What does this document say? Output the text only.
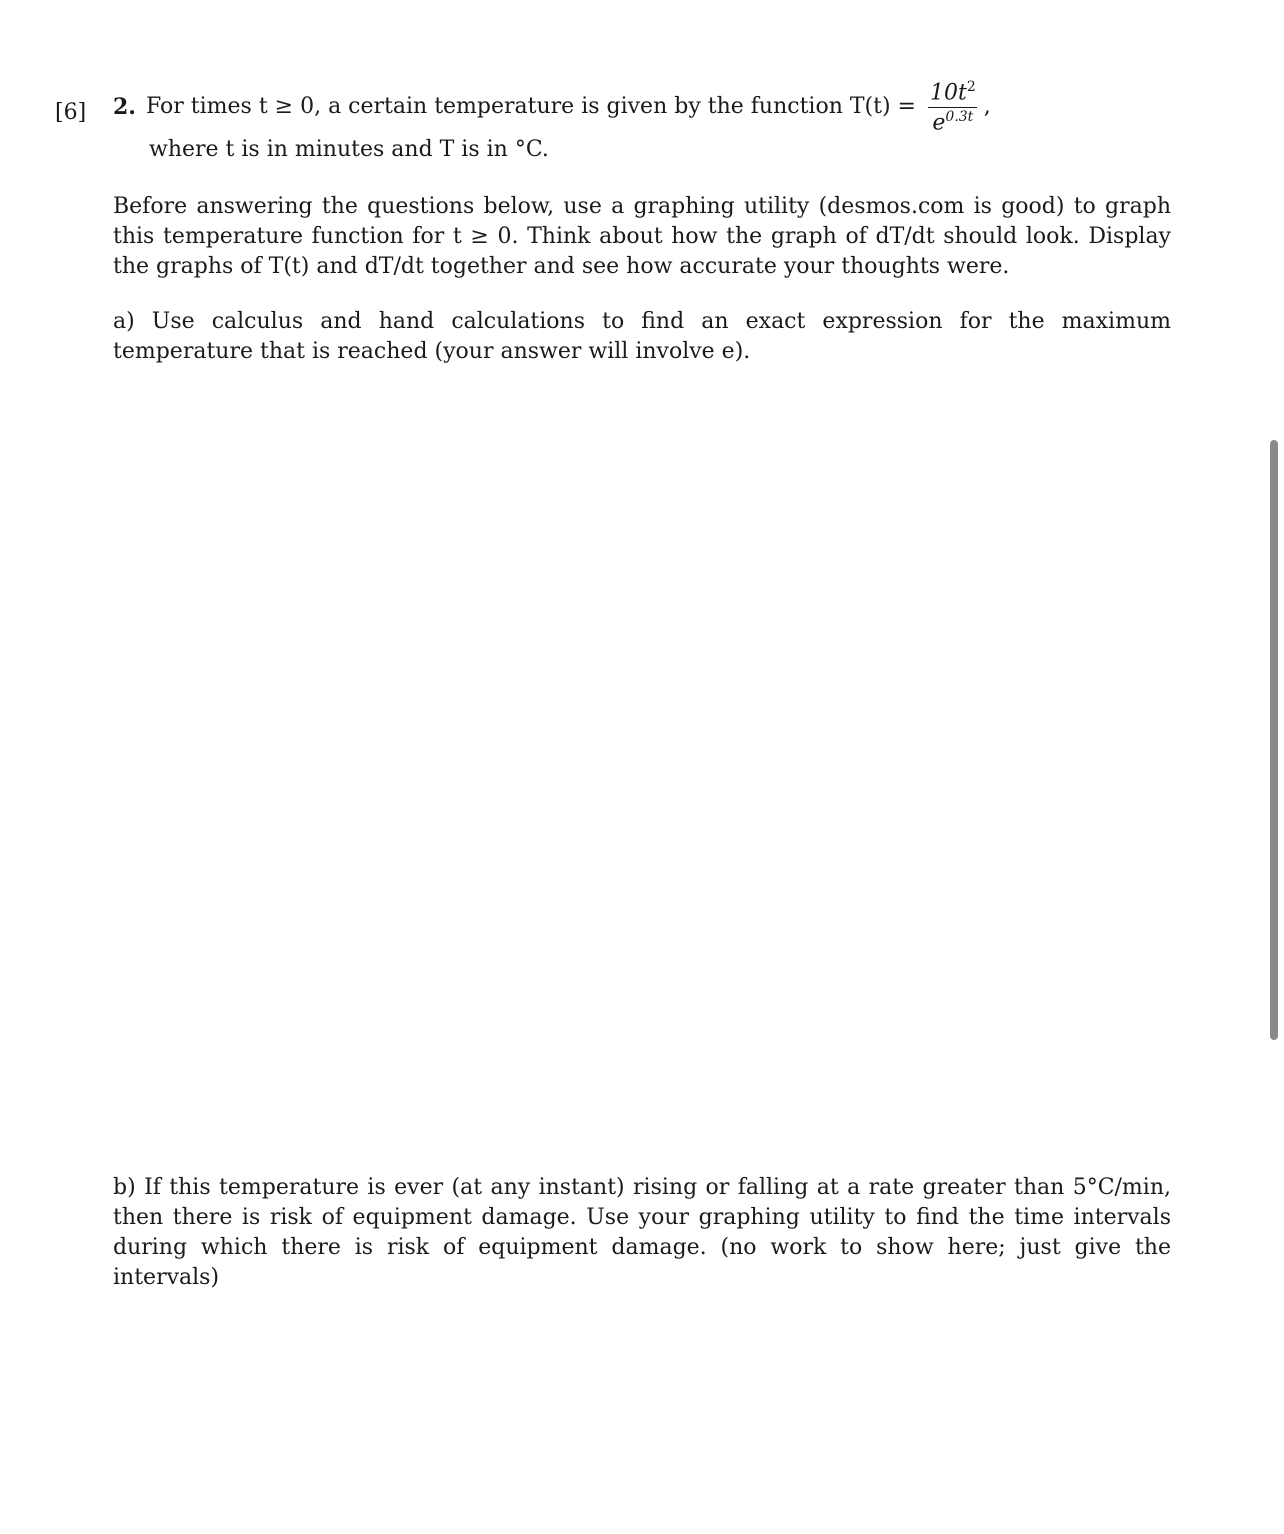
[6] 2. For times t ≥ 0, a certain temperature is given by the function $T(t) = \frac{10t^2}{e^{0.3t}}$ ,
where t is in minutes and T is in °C.
Before answering the questions below, use a graphing utility (desmos.com is good) to graph this temperature function for t ≥ 0. Think about how the graph of dT/dt should look. Display the graphs of T(t) and dT/dt together and see how accurate your thoughts were.
a) Use calculus and hand calculations to find an exact expression for the maximum temperature that is reached (your answer will involve e).
b) If this temperature is ever (at any instant) rising or falling at a rate greater than 5°C/min, then there is risk of equipment damage. Use your graphing utility to find the time intervals during which there is risk of equipment damage. (no work to show here; just give the intervals)
